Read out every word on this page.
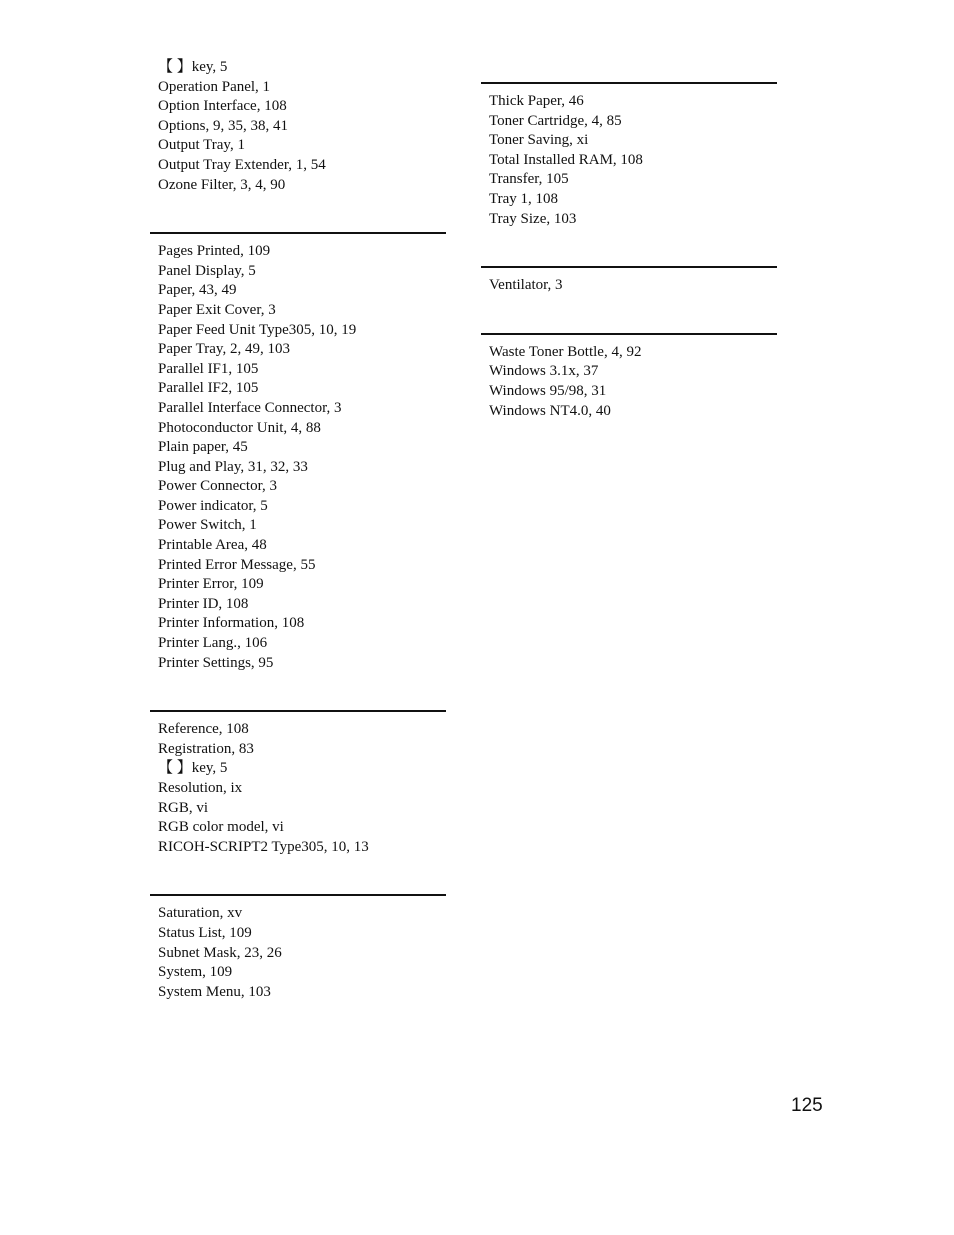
【 】key, 5
Operation Panel, 1
Option Interface, 108
Options, 9, 35, 38, 41
Output Tray, 1
Output Tray Extender, 1, 54
Ozone Filter, 3, 4, 90
Pages Printed, 109
Panel Display, 5
Paper, 43, 49
Paper Exit Cover, 3
Paper Feed Unit Type305, 10, 19
Paper Tray, 2, 49, 103
Parallel IF1, 105
Parallel IF2, 105
Parallel Interface Connector, 3
Photoconductor Unit, 4, 88
Plain paper, 45
Plug and Play, 31, 32, 33
Power Connector, 3
Power indicator, 5
Power Switch, 1
Printable Area, 48
Printed Error Message, 55
Printer Error, 109
Printer ID, 108
Printer Information, 108
Printer Lang., 106
Printer Settings, 95
Reference, 108
Registration, 83
【 】key, 5
Resolution, ix
RGB, vi
RGB color model, vi
RICOH-SCRIPT2 Type305, 10, 13
Saturation, xv
Status List, 109
Subnet Mask, 23, 26
System, 109
System Menu, 103
Thick Paper, 46
Toner Cartridge, 4, 85
Toner Saving, xi
Total Installed RAM, 108
Transfer, 105
Tray 1, 108
Tray Size, 103
Ventilator, 3
Waste Toner Bottle, 4, 92
Windows 3.1x, 37
Windows 95/98, 31
Windows NT4.0, 40
125
